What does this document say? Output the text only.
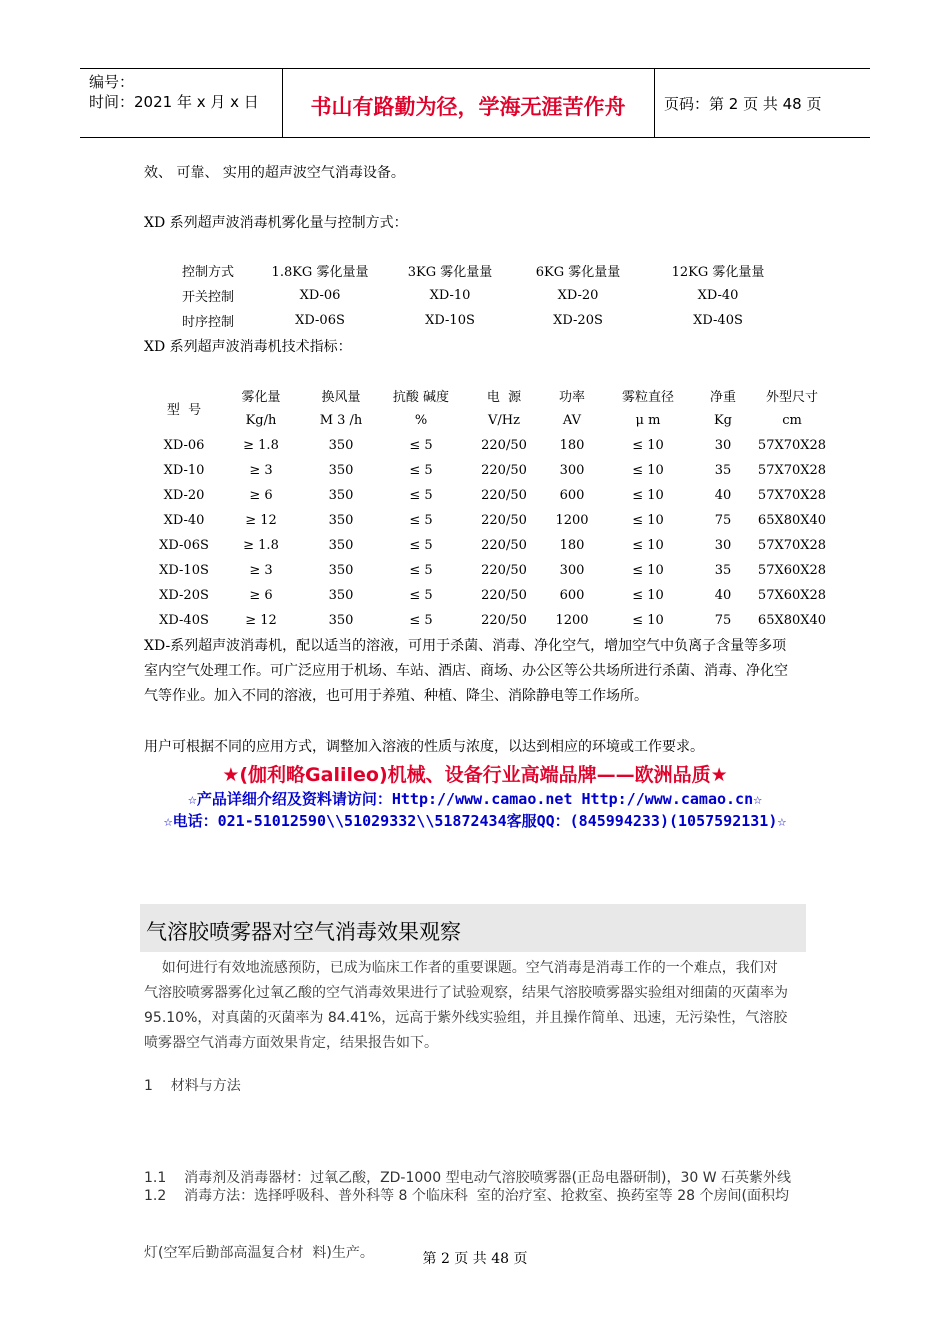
编号：
时间：2021 年 x 月 x 日	书山有路勤为径，学海无涯苦作舟	页码：第 2 页 共 48 页
效、 可靠、 实用的超声波空气消毒设备。
XD 系列超声波消毒机雾化量与控制方式：
控制方式	1.8KG 雾化量量	3KG 雾化量量	6KG 雾化量量	12KG 雾化量量
开关控制	XD-06	XD-10	XD-20	XD-40
时序控制	XD-06S	XD-10S	XD-20S	XD-40S
XD 系列超声波消毒机技术指标：
型  号	雾化量	换风量	抗酸 碱度	电  源	功率	雾粒直径	净重	外型尺寸
	Kg/h	M 3 /h	%	V/Hz	AV	μ m	Kg	cm
XD-06	≥ 1.8	350	≤ 5	220/50	180	≤ 10	30	57X70X28
XD-10	≥ 3	350	≤ 5	220/50	300	≤ 10	35	57X70X28
XD-20	≥ 6	350	≤ 5	220/50	600	≤ 10	40	57X70X28
XD-40	≥ 12	350	≤ 5	220/50	1200	≤ 10	75	65X80X40
XD-06S	≥ 1.8	350	≤ 5	220/50	180	≤ 10	30	57X70X28
XD-10S	≥ 3	350	≤ 5	220/50	300	≤ 10	35	57X60X28
XD-20S	≥ 6	350	≤ 5	220/50	600	≤ 10	40	57X60X28
XD-40S	≥ 12	350	≤ 5	220/50	1200	≤ 10	75	65X80X40
XD-系列超声波消毒机，配以适当的溶液，可用于杀菌、消毒、净化空气，增加空气中负离子含量等多项
室内空气处理工作。可广泛应用于机场、车站、酒店、商场、办公区等公共场所进行杀菌、消毒、净化空
气等作业。加入不同的溶液，也可用于养殖、种植、降尘、消除静电等工作场所。
用户可根据不同的应用方式，调整加入溶液的性质与浓度，以达到相应的环境或工作要求。
★(伽利略Galileo)机械、设备行业高端品牌——欧洲品质★
☆产品详细介绍及资料请访问：Http://www.camao.net Http://www.camao.cn☆
☆电话：021-51012590\\51029332\\51872434客服QQ：(845994233)(1057592131)☆
气溶胶喷雾器对空气消毒效果观察
如何进行有效地流感预防，已成为临床工作者的重要课题。空气消毒是消毒工作的一个难点，我们对
气溶胶喷雾器雾化过氧乙酸的空气消毒效果进行了试验观察，结果气溶胶喷雾器实验组对细菌的灭菌率为
95.10%，对真菌的灭菌率为 84.41%，远高于紫外线实验组，并且操作简单、迅速，无污染性，气溶胶
喷雾器空气消毒方面效果肯定，结果报告如下。
1    材料与方法

1.1    消毒剂及消毒器材：过氧乙酸，ZD-1000 型电动气溶胶喷雾器(正岛电器研制)，30 W 石英紫外线

灯(空军后勤部高温复合材  料)生产。

1.2    消毒方法：选择呼吸科、普外科等 8 个临床科  室的治疗室、抢救室、换药室等 28 个房间(面积均
第 2 页 共 48 页
